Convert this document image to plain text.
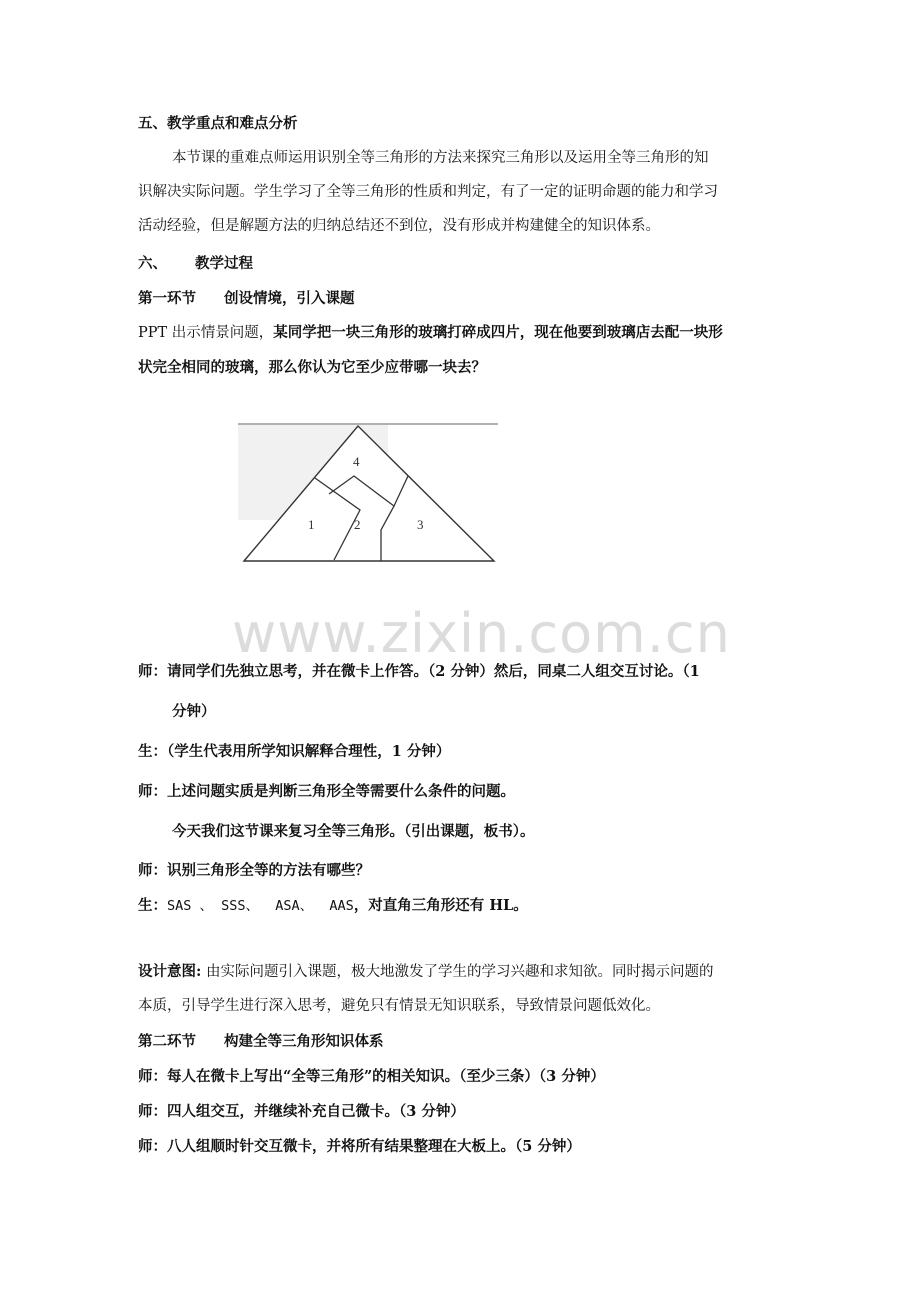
五、教学重点和难点分析
本节课的重难点师运用识别全等三角形的方法来探究三角形以及运用全等三角形的知
识解决实际问题。学生学习了全等三角形的性质和判定，有了一定的证明命题的能力和学习
活动经验，但是解题方法的归纳总结还不到位，没有形成并构建健全的知识体系。
六、 教学过程
第一环节 创设情境，引入课题
PPT 出示情景问题，某同学把一块三角形的玻璃打碎成四片，现在他要到玻璃店去配一块形
状完全相同的玻璃，那么你认为它至少应带哪一块去？
4
1	2	3
www.zixin.com.cn
师：请同学们先独立思考，并在微卡上作答。（2 分钟）然后，同桌二人组交互讨论。（1
分钟）
生：（学生代表用所学知识解释合理性，1 分钟）
师：上述问题实质是判断三角形全等需要什么条件的问题。
今天我们这节课来复习全等三角形。（引出课题，板书）。
师：识别三角形全等的方法有哪些？
生：SAS 、 SSS、  ASA、  AAS，对直角三角形还有 HL。
设计意图: 由实际问题引入课题，极大地激发了学生的学习兴趣和求知欲。同时揭示问题的
本质，引导学生进行深入思考，避免只有情景无知识联系，导致情景问题低效化。
第二环节 构建全等三角形知识体系
师：每人在微卡上写出“全等三角形”的相关知识。（至少三条）（3 分钟）
师：四人组交互，并继续补充自己微卡。（3 分钟）
师：八人组顺时针交互微卡，并将所有结果整理在大板上。（5 分钟）
